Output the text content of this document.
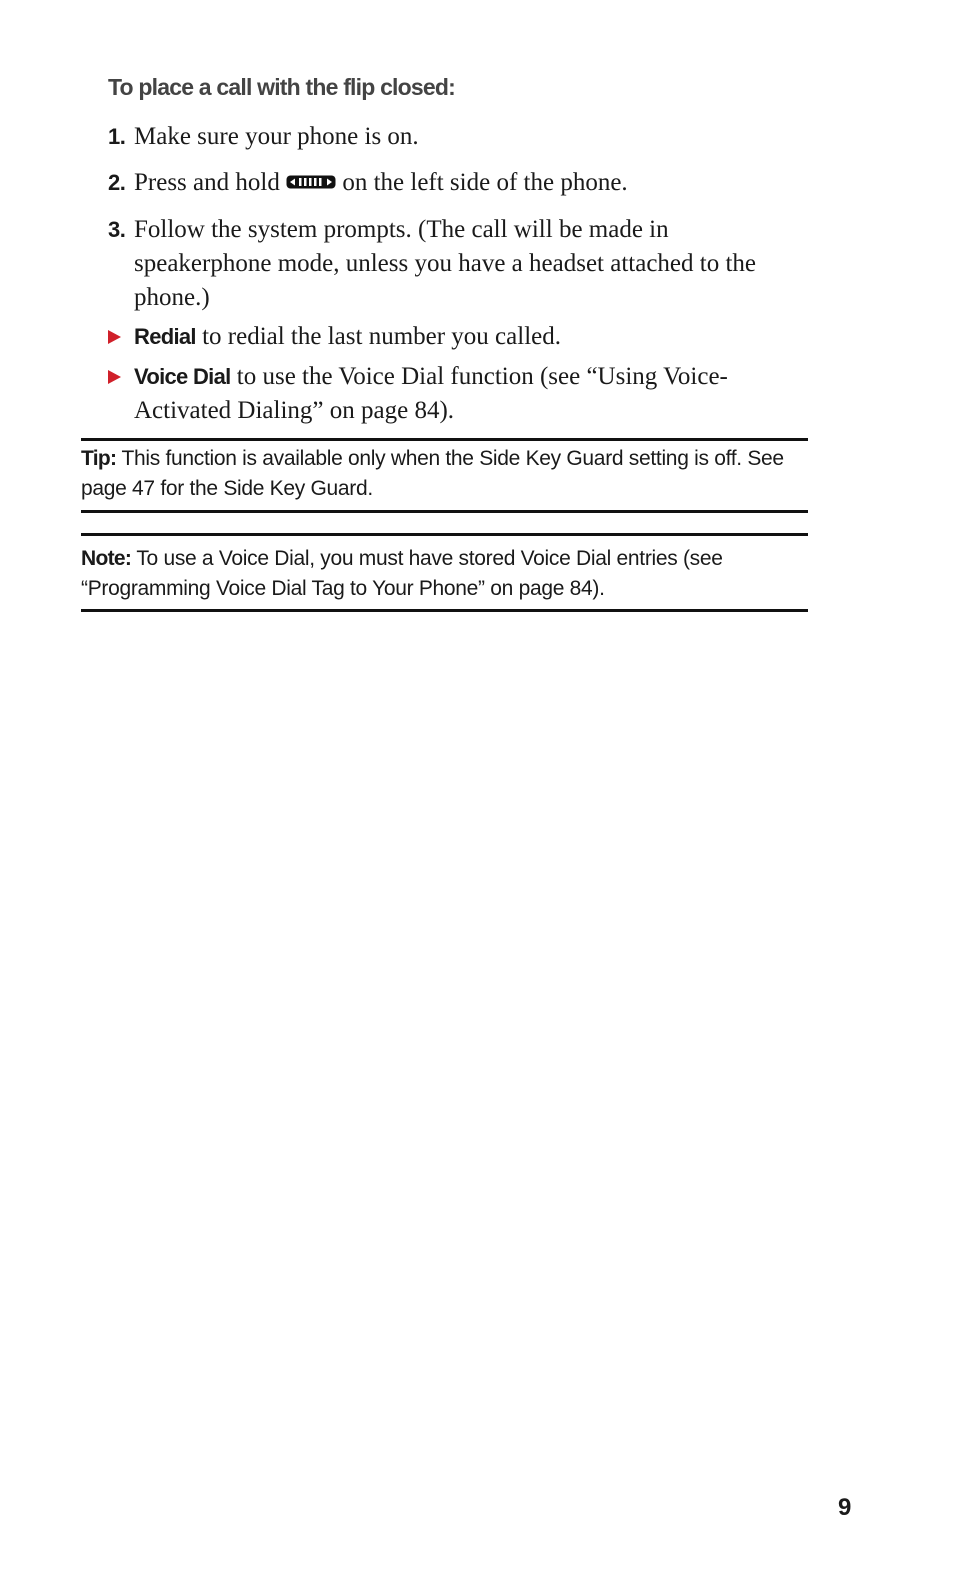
To place a call with the flip closed:
1. Make sure your phone is on.
2. Press and hold	on the left side of the phone.
3. Follow the system prompts. (The call will be made in speakerphone mode, unless you have a headset attached to the phone.)
Redial to redial the last number you called.
Voice Dial to use the Voice Dial function (see “Using Voice-Activated Dialing” on page 84).
Tip: This function is available only when the Side Key Guard setting is off. See page 47 for the Side Key Guard.
Note: To use a Voice Dial, you must have stored Voice Dial entries (see “Programming Voice Dial Tag to Your Phone” on page 84).
9
